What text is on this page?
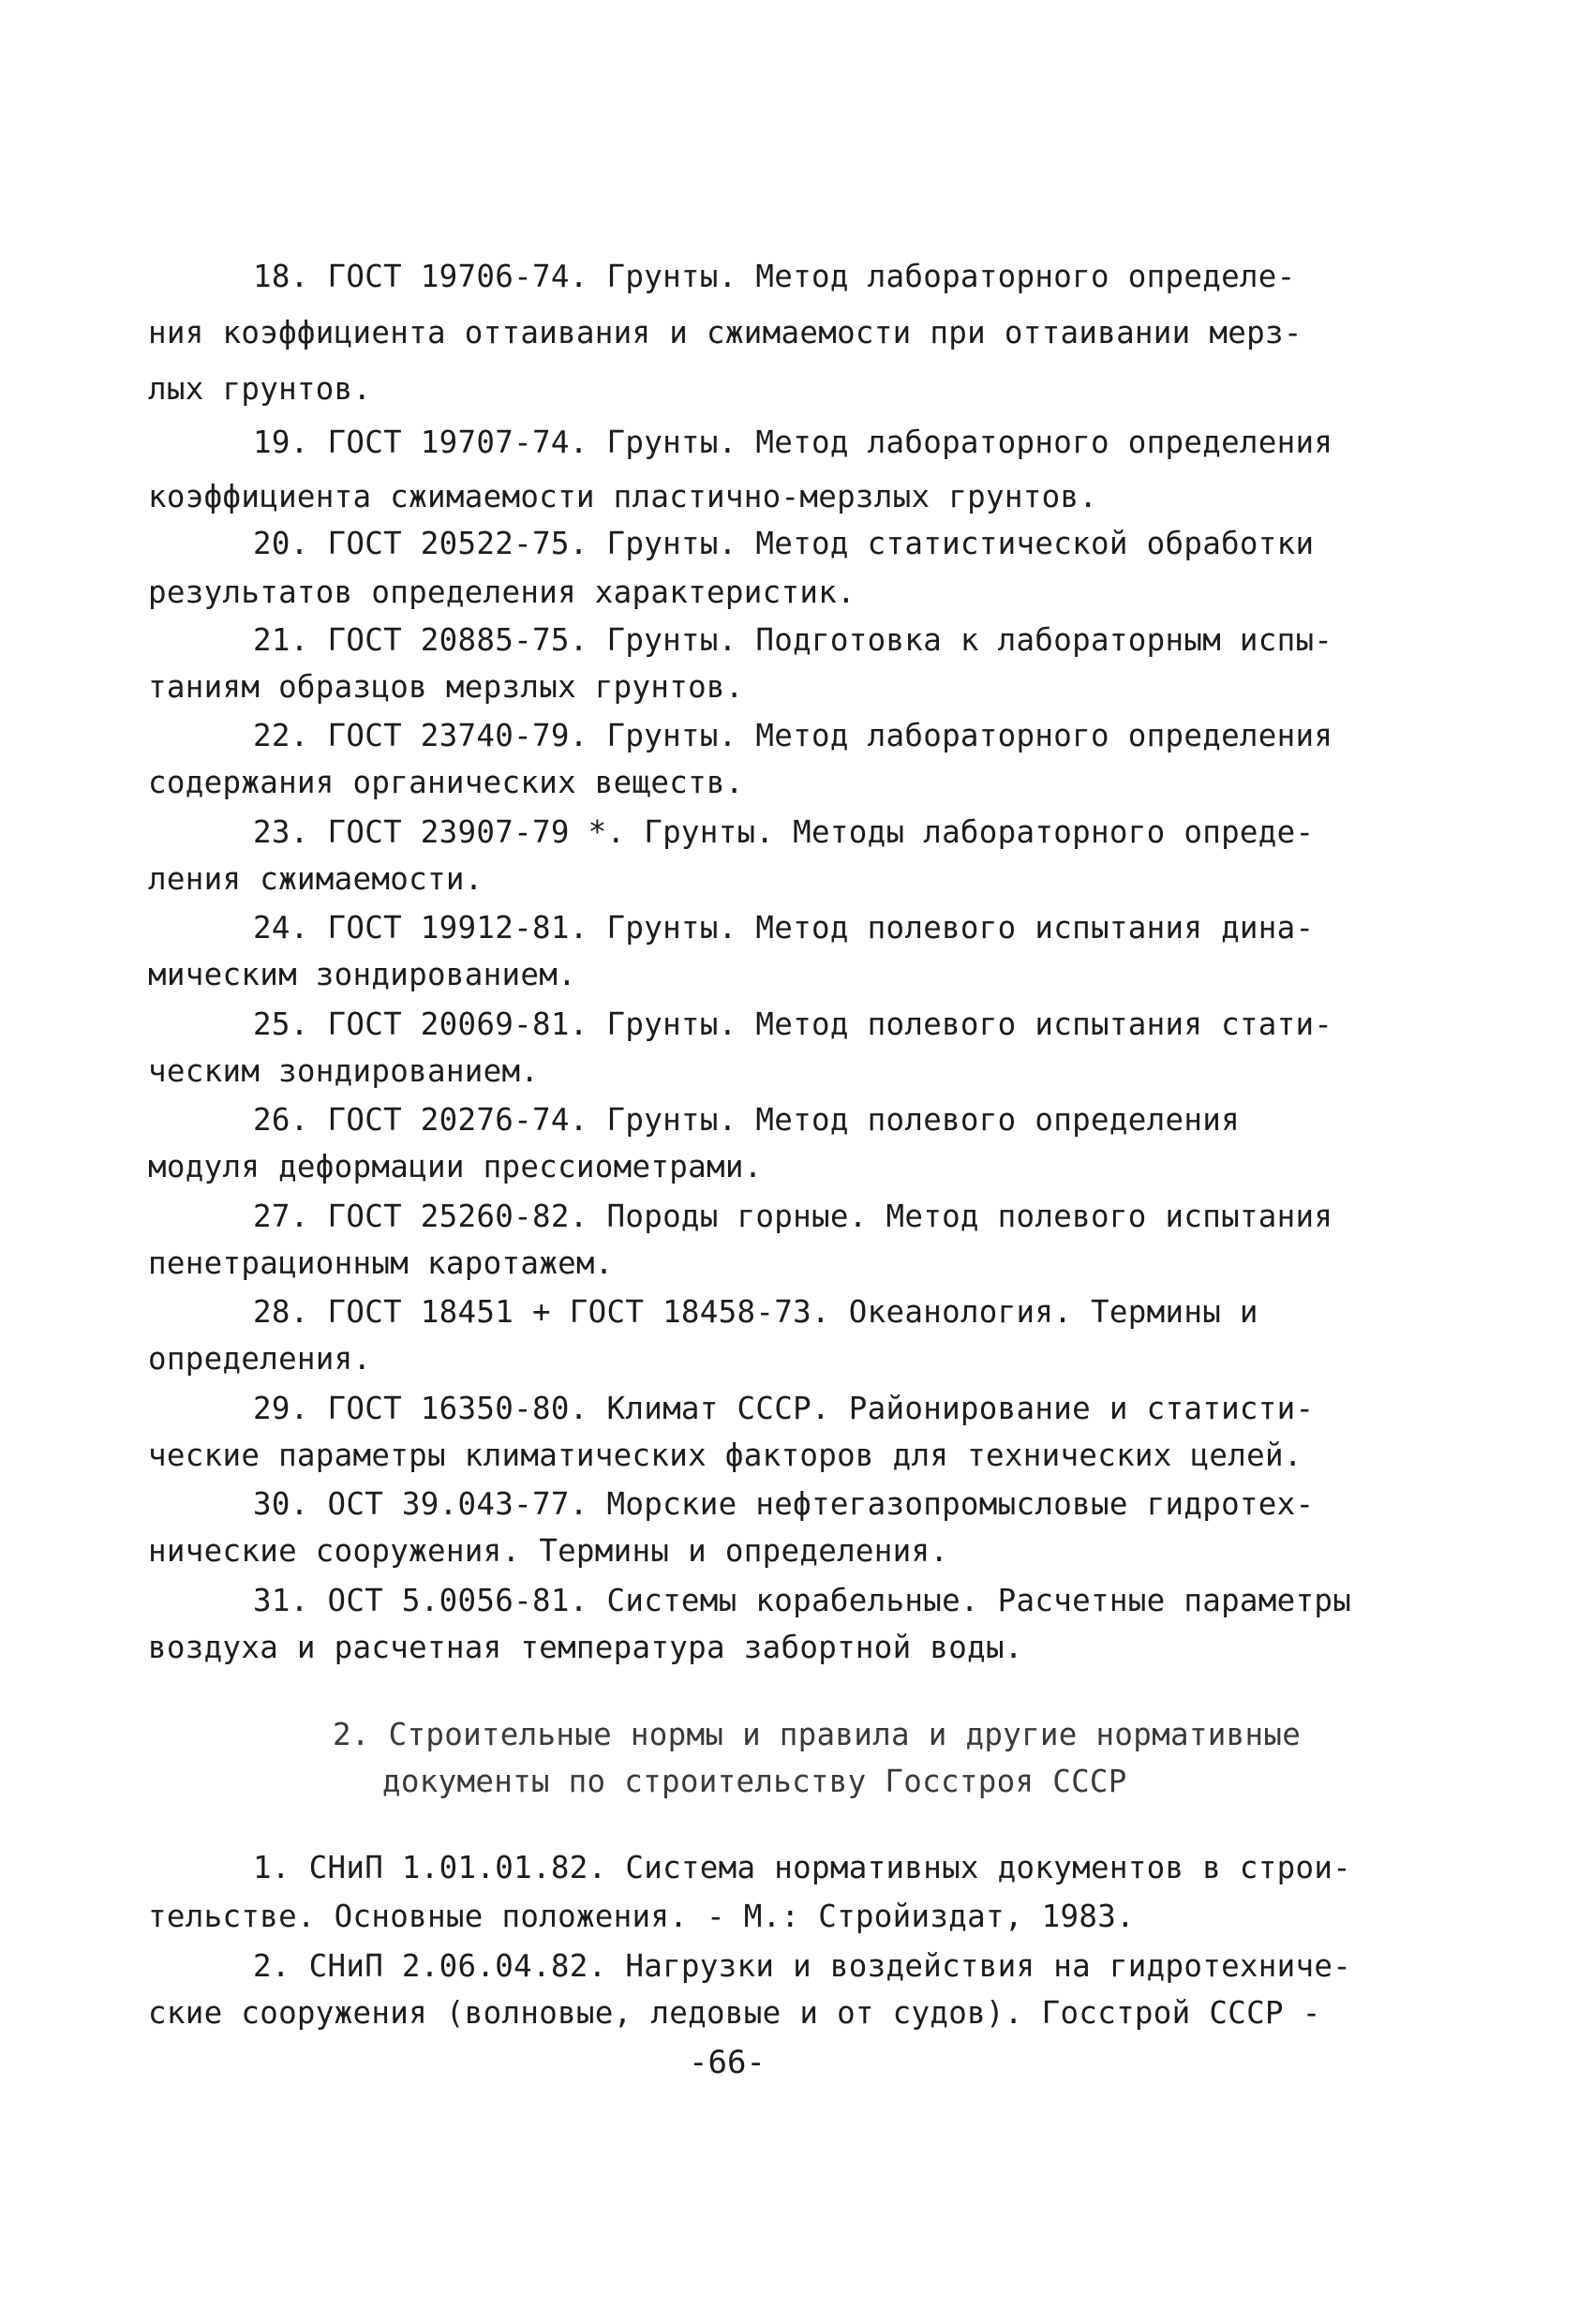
18. ГОСТ 19706-74. Грунты. Метод лабораторного определе-
ния коэффициента оттаивания и сжимаемости при оттаивании мерз-
лых грунтов.
19. ГОСТ 19707-74. Грунты. Метод лабораторного определения
коэффициента сжимаемости пластично-мерзлых грунтов.
20. ГОСТ 20522-75. Грунты. Метод статистической обработки
результатов определения характеристик.
21. ГОСТ 20885-75. Грунты. Подготовка к лабораторным испы-
таниям образцов мерзлых грунтов.
22. ГОСТ 23740-79. Грунты. Метод лабораторного определения
содержания органических веществ.
23. ГОСТ 23907-79 *. Грунты. Методы лабораторного опреде-
ления сжимаемости.
24. ГОСТ 19912-81. Грунты. Метод полевого испытания дина-
мическим зондированием.
25. ГОСТ 20069-81. Грунты. Метод полевого испытания стати-
ческим зондированием.
26. ГОСТ 20276-74. Грунты. Метод полевого определения
модуля деформации прессиометрами.
27. ГОСТ 25260-82. Породы горные. Метод полевого испытания
пенетрационным каротажем.
28. ГОСТ 18451 + ГОСТ 18458-73. Океанология. Термины и
определения.
29. ГОСТ 16350-80. Климат СССР. Районирование и статисти-
ческие параметры климатических факторов для технических целей.
30. ОСТ 39.043-77. Морские нефтегазопромысловые гидротех-
нические сооружения. Термины и определения.
31. ОСТ 5.0056-81. Системы корабельные. Расчетные параметры
воздуха и расчетная температура забортной воды.
2. Строительные нормы и правила и другие нормативные
документы по строительству Госстроя СССР
1. СНиП 1.01.01.82. Система нормативных документов в строи-
тельстве. Основные положения. - М.: Стройиздат, 1983.
2. СНиП 2.06.04.82. Нагрузки и воздействия на гидротехниче-
ские сооружения (волновые, ледовые и от судов). Госстрой СССР -
-66-
